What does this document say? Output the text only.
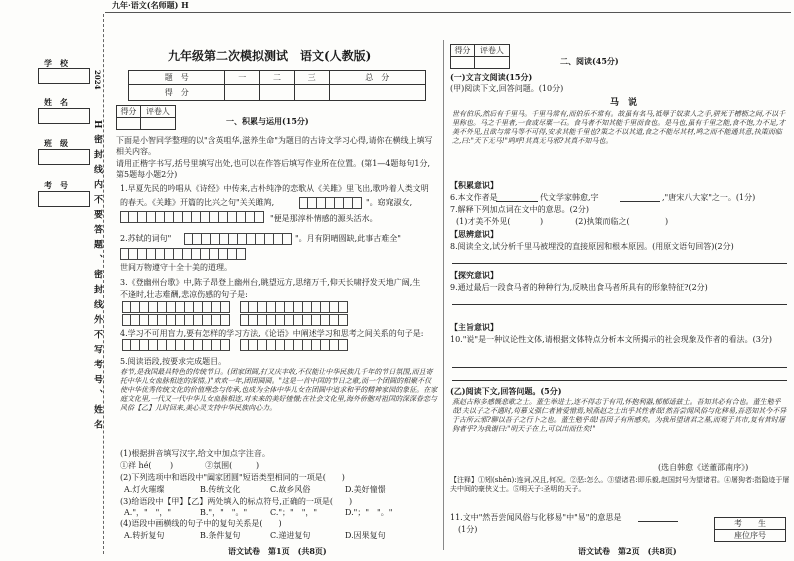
九年·语文(名师题) H
学　校
姓　名
班　级
考　号
2024
H密封线内不要答题、密封线外不写考号、姓名
九年级第二次模拟测试　语文(人教版)
题　号	一	二	三	总　分
得　分				
得分	评卷人

一、积累与运用(15分)
下面是小智同学整理的以"含英咀华,滋养生命"为题目的古诗文学习心得,请你在横线上填写相关内容。
请用正楷字书写,括号里填写出处,也可以在作答后填写作业所在位置。(第1—4题每句1分,第5题每小题2分)
1.早夏先民的吟唱从《诗经》中传来,古朴纯净的恋歌从《关雎》里飞出,歌吟着人类文明
的春天。《关雎》开篇的比兴之句"关关雎鸠,	"。窈窕淑女,
"便是那淳朴情感的源头活水。
2.苏轼的词句"	"。月有阴晴圆缺,此事古难全"
世间万物遵守十全十美的道理。
3.《登幽州台歌》中,陈子昂登上幽州台,眺望远方,思绪万千,仰天长啸抒发天地广阔,生
不逢时,壮志难酬,悲凉伤感的句子是:
4.学习不可用盲力,要有怎样的学习方法,《论语》中阐述学习和思考之间关系的句子是:
5.阅读语段,按要求完成题目。
春节,是我国最具特色的传统节日。(团家团圆,打又庆丰收,不仅能让中华民族几千年的节日氛围,而且寄托中华儿女血脉相连的深情。)"欢欢一年,团团圆圆。"这是一首中国的节日之歌,而一个团圆的相聚不仅使中华优秀传统文化的价值理念与传承,也成为全体中华儿女在团圆中追求和平的精神家园的象征。在家庭文化里,一代又一代中华儿女血脉相连,对未来的美好憧憬;在社会文化里,海外侨胞对祖国的深深眷恋与风俗【乙】儿时回来,美心灵支持中华民族向心力。
(1)根据拼音填写汉字,给文中加点字注音。
①祥 hé( )　　　　②氛围(	)
(2)下列选项中和语段中"阖家团圆"短语类型相同的一项是(　　)
A.灯火璀璨	B.传统文化	C.故乡风俗	D.美好憧憬
(3)给语段中【甲】【乙】两处填入的标点符号,正确的一项是(　　)
A."，"　"，"	B."，"　"。"	C."；"　"，"	D."；"　"。"
(4)语段中画横线的句子中的复句关系是(　　)
A.转折复句	B.条件复句	C.递进复句	D.因果复句
语文试卷　第1页　(共8页)
得分	评卷人

二、阅读(45分)
(一)文言文阅读(15分)
(甲)阅读下文,回答问题。(10分)
马　说
世有伯乐,然后有千里马。千里马常有,而伯乐不常有。故虽有名马,祗辱于奴隶人之手,骈死于槽枥之间,不以千里称也。马之千里者,一食或尽粟一石。食马者不知其能千里而食也。是马也,虽有千里之能,食不饱,力不足,才美不外见,且欲与常马等不可得,安求其能千里也?策之不以其道,食之不能尽其材,鸣之而不能通其意,执策而临之,曰:"天下无马!"呜呼!其真无马邪?其真不知马也。
【积累意识】
6.本文作者是	代文学家韩愈,字	,"唐宋八大家"之一。(1分)
7.解释下列加点词在文中的意思。(2分)
(1)才美不外见(	)　　　　(2)执策而临之(	)
【思辨意识】
8.阅读全文,试分析千里马被埋没的直接原因和根本原因。(用原文语句回答)(2分)
【探究意识】
9.通过最后一段食马者的种种行为,反映出食马者所具有的形象特征?(2分)
【主旨意识】
10."说"是一种议论性文体,请根据文体特点分析本文所揭示的社会现象及作者的看法。(3分)
(乙)阅读下文,回答问题。(5分)
燕赵古称多感慨悲歌之士。董生举进士,连不得志于有司,怀抱利器,郁郁适兹土。吾知其必有合也。董生勉乎哉!夫以子之不遇时,苟慕义强仁者皆爱惜焉,矧燕赵之士出乎其性者哉!然吾尝闻风俗与化移易,吾恶知其今不异于古所云邪?聊以吾子之行卜之也。董生勉乎哉!吾因子有所感矣。为我吊望诸君之墓,而观于其市,复有昔时屠狗者乎?为我谢曰:"明天子在上,可以出而仕矣!"
(选自韩愈《送董邵南序》)
【注释】①矧(shěn):连词,况且,何况。②恶:怎么。③望诸君:即乐毅,赵国封号为望诸君。④屠狗者:指隐迹于屠夫中间的豪侠义士。⑤明天子:圣明的天子。
11.文中"然吾尝闻风俗与化移易"中"易"的意思是
(1分)
考　　生
座位序号
语文试卷　第2页　(共8页)
